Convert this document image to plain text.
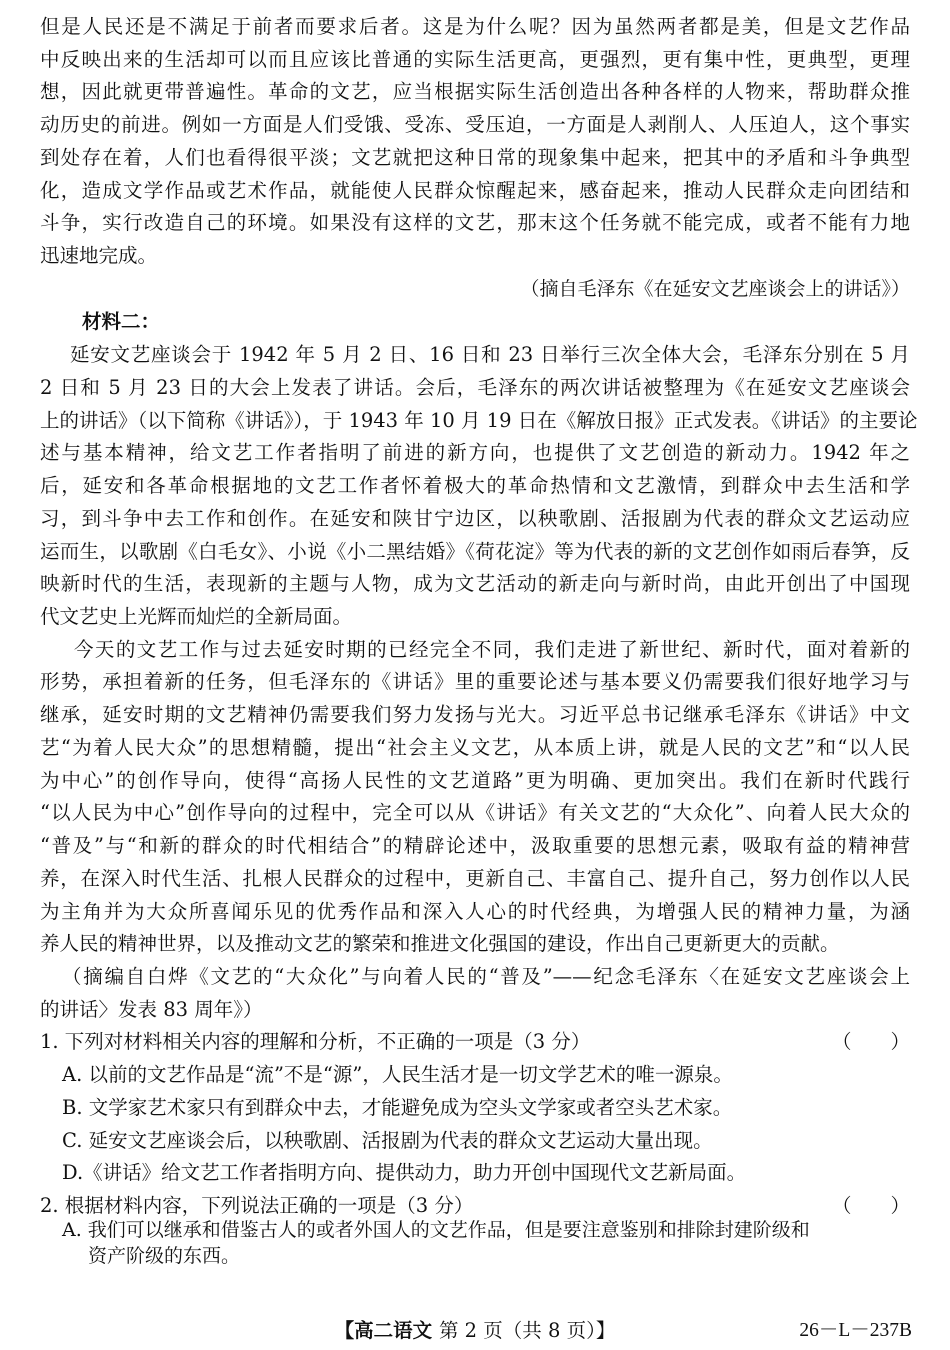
但是人民还是不满足于前者而要求后者。这是为什么呢？因为虽然两者都是美，但是文艺作品
中反映出来的生活却可以而且应该比普通的实际生活更高，更强烈，更有集中性，更典型，更理
想，因此就更带普遍性。革命的文艺，应当根据实际生活创造出各种各样的人物来，帮助群众推
动历史的前进。例如一方面是人们受饿、受冻、受压迫，一方面是人剥削人、人压迫人，这个事实
到处存在着，人们也看得很平淡；文艺就把这种日常的现象集中起来，把其中的矛盾和斗争典型
化，造成文学作品或艺术作品，就能使人民群众惊醒起来，感奋起来，推动人民群众走向团结和
斗争，实行改造自己的环境。如果没有这样的文艺，那末这个任务就不能完成，或者不能有力地
迅速地完成。
（摘自毛泽东《在延安文艺座谈会上的讲话》）
材料二：
延安文艺座谈会于 1942 年 5 月 2 日、16 日和 23 日举行三次全体大会，毛泽东分别在 5 月
2 日和 5 月 23 日的大会上发表了讲话。会后，毛泽东的两次讲话被整理为《在延安文艺座谈会
上的讲话》（以下简称《讲话》），于 1943 年 10 月 19 日在《解放日报》正式发表。《讲话》的主要论
述与基本精神，给文艺工作者指明了前进的新方向，也提供了文艺创造的新动力。1942 年之
后，延安和各革命根据地的文艺工作者怀着极大的革命热情和文艺激情，到群众中去生活和学
习，到斗争中去工作和创作。在延安和陕甘宁边区，以秧歌剧、活报剧为代表的群众文艺运动应
运而生，以歌剧《白毛女》、小说《小二黑结婚》《荷花淀》等为代表的新的文艺创作如雨后春笋，反
映新时代的生活，表现新的主题与人物，成为文艺活动的新走向与新时尚，由此开创出了中国现
代文艺史上光辉而灿烂的全新局面。
今天的文艺工作与过去延安时期的已经完全不同，我们走进了新世纪、新时代，面对着新的
形势，承担着新的任务，但毛泽东的《讲话》里的重要论述与基本要义仍需要我们很好地学习与
继承，延安时期的文艺精神仍需要我们努力发扬与光大。习近平总书记继承毛泽东《讲话》中文
艺“为着人民大众”的思想精髓，提出“社会主义文艺，从本质上讲，就是人民的文艺”和“以人民
为中心”的创作导向，使得“高扬人民性的文艺道路”更为明确、更加突出。我们在新时代践行
“以人民为中心”创作导向的过程中，完全可以从《讲话》有关文艺的“大众化”、向着人民大众的
“普及”与“和新的群众的时代相结合”的精辟论述中，汲取重要的思想元素，吸取有益的精神营
养，在深入时代生活、扎根人民群众的过程中，更新自己、丰富自己、提升自己，努力创作以人民
为主角并为大众所喜闻乐见的优秀作品和深入人心的时代经典，为增强人民的精神力量，为涵
养人民的精神世界，以及推动文艺的繁荣和推进文化强国的建设，作出自己更新更大的贡献。
（摘编自白烨《文艺的“大众化”与向着人民的“普及”——纪念毛泽东〈在延安文艺座谈会上
的讲话〉发表 83 周年》）
1. 下列对材料相关内容的理解和分析，不正确的一项是（3 分）	（　　）
A. 以前的文艺作品是“流”不是“源”，人民生活才是一切文学艺术的唯一源泉。
B. 文学家艺术家只有到群众中去，才能避免成为空头文学家或者空头艺术家。
C. 延安文艺座谈会后，以秧歌剧、活报剧为代表的群众文艺运动大量出现。
D.《讲话》给文艺工作者指明方向、提供动力，助力开创中国现代文艺新局面。
2. 根据材料内容，下列说法正确的一项是（3 分）	（　　）
A. 我们可以继承和借鉴古人的或者外国人的文艺作品，但是要注意鉴别和排除封建阶级和
资产阶级的东西。
【高二语文 第 2 页（共 8 页）】	26－L－237B
